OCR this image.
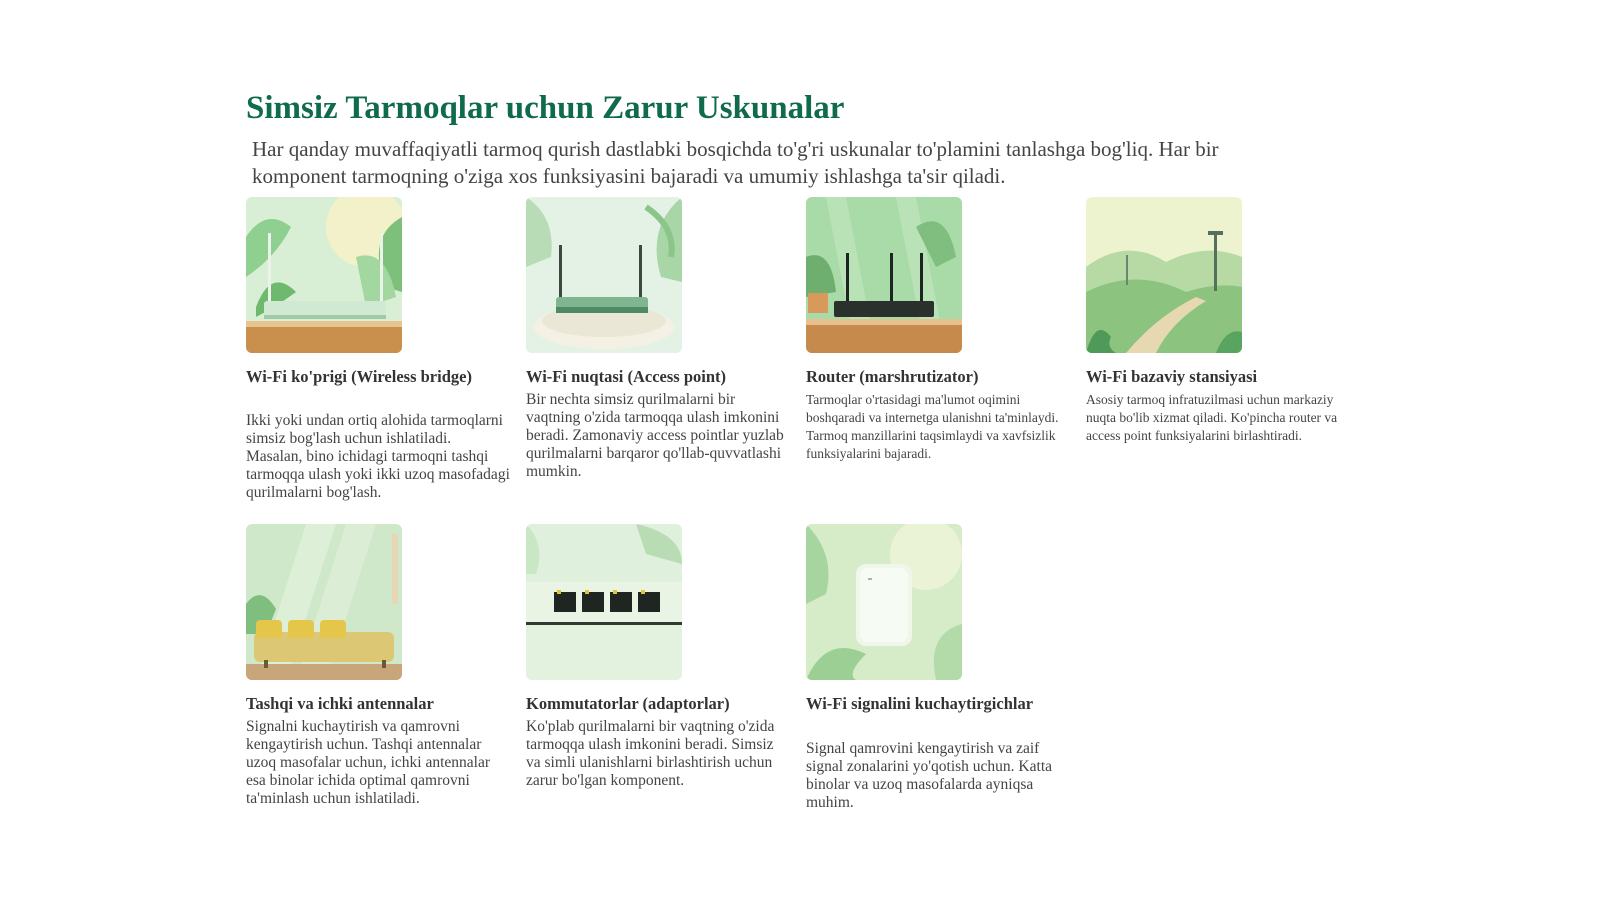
Simsiz Tarmoqlar uchun Zarur Uskunalar

Har qanday muvaffaqiyatli tarmoq qurish dastlabki bosqichda to'g'ri uskunalar to'plamini tanlashga bog'liq. Har bir komponent tarmoqning o'ziga xos funksiyasini bajaradi va umumiy ishlashga ta'sir qiladi.

Wi-Fi ko'prigi (Wireless bridge)
Ikki yoki undan ortiq alohida tarmoqlarni simsiz bog'lash uchun ishlatiladi. Masalan, bino ichidagi tarmoqni tashqi tarmoqqa ulash yoki ikki uzoq masofadagi qurilmalarni bog'lash.
Wi-Fi nuqtasi (Access point)
Bir nechta simsiz qurilmalarni bir vaqtning o'zida tarmoqqa ulash imkonini beradi. Zamonaviy access pointlar yuzlab qurilmalarni barqaror qo'llab-quvvatlashi mumkin.
Router (marshrutizator)
Tarmoqlar o'rtasidagi ma'lumot oqimini boshqaradi va internetga ulanishni ta'minlaydi. Tarmoq manzillarini taqsimlaydi va xavfsizlik funksiyalarini bajaradi.
Wi-Fi bazaviy stansiyasi
Asosiy tarmoq infratuzilmasi uchun markaziy nuqta bo'lib xizmat qiladi. Ko'pincha router va access point funksiyalarini birlashtiradi.
Tashqi va ichki antennalar
Signalni kuchaytirish va qamrovni kengaytirish uchun. Tashqi antennalar uzoq masofalar uchun, ichki antennalar esa binolar ichida optimal qamrovni ta'minlash uchun ishlatiladi.
Kommutatorlar (adaptorlar)
Ko'plab qurilmalarni bir vaqtning o'zida tarmoqqa ulash imkonini beradi. Simsiz va simli ulanishlarni birlashtirish uchun zarur bo'lgan komponent.
Wi-Fi signalini kuchaytirgichlar
Signal qamrovini kengaytirish va zaif signal zonalarini yo'qotish uchun. Katta binolar va uzoq masofalarda ayniqsa muhim.
